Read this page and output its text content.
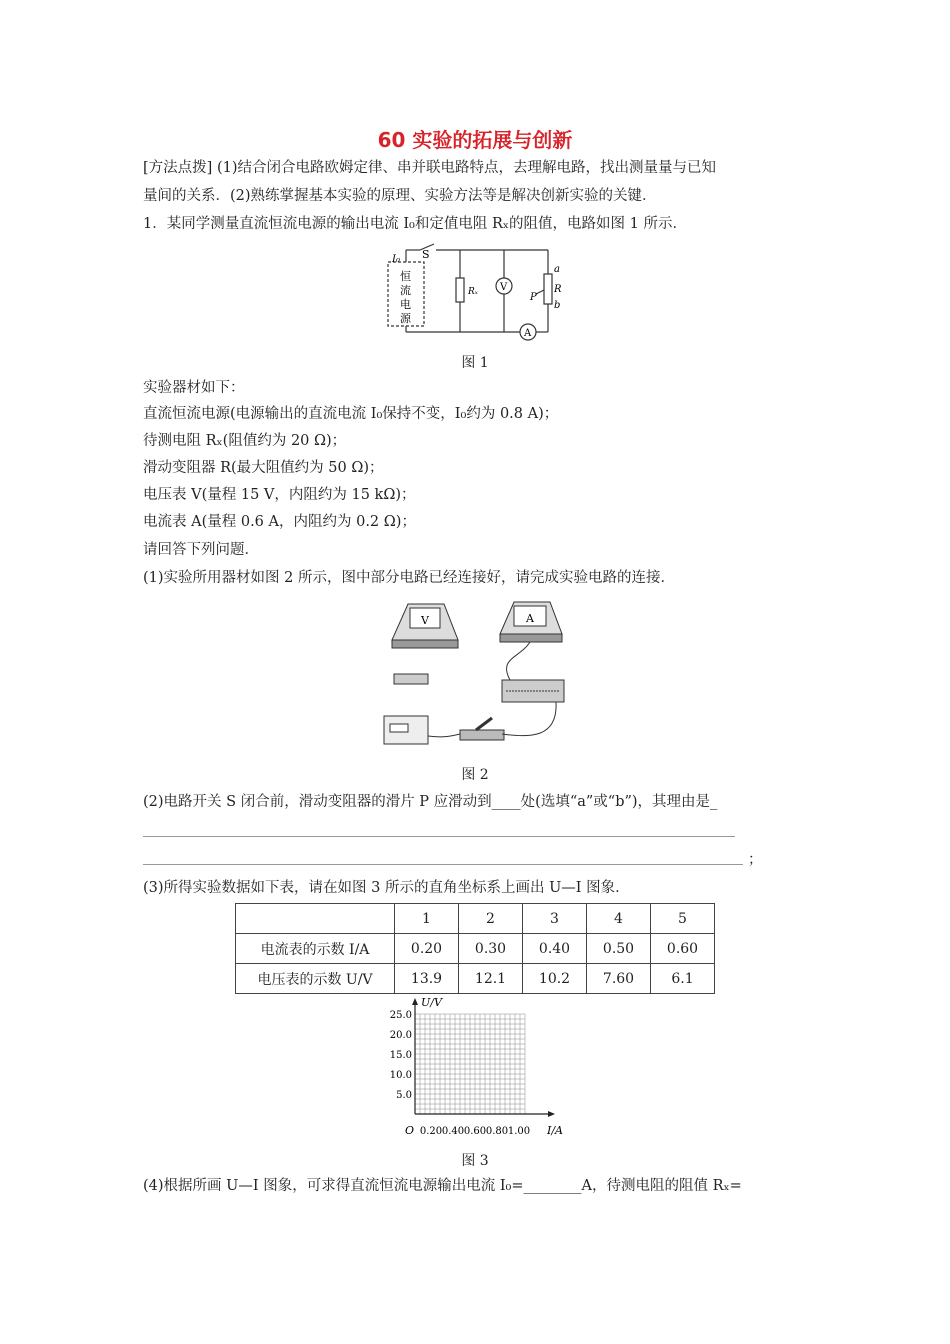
60 实验的拓展与创新
[方法点拨] (1)结合闭合电路欧姆定律、串并联电路特点，去理解电路，找出测量量与已知
量间的关系．(2)熟练掌握基本实验的原理、实验方法等是解决创新实验的关键．
1．某同学测量直流恒流电源的输出电流 I₀和定值电阻 Rₓ的阻值，电路如图 1 所示．
I₀ S
恒
流
电
源
Rₓ V
A
a
R
b
P
图 1
实验器材如下：
直流恒流电源(电源输出的直流电流 I₀保持不变，I₀约为 0.8 A)；
待测电阻 Rₓ(阻值约为 20 Ω)；
滑动变阻器 R(最大阻值约为 50 Ω)；
电压表 V(量程 15 V，内阻约为 15 kΩ)；
电流表 A(量程 0.6 A，内阻约为 0.2 Ω)；
请回答下列问题．
(1)实验所用器材如图 2 所示，图中部分电路已经连接好，请完成实验电路的连接．
V	A
图 2
(2)电路开关 S 闭合前，滑动变阻器的滑片 P 应滑动到____处(选填“a”或“b”)，其理由是_
；
(3)所得实验数据如下表，请在如图 3 所示的直角坐标系上画出 U—I 图象．
	1	2	3	4	5
电流表的示数 I/A	0.20	0.30	0.40	0.50	0.60
电压表的示数 U/V	13.9	12.1	10.2	7.60	6.1
5.0
10.0
15.0
20.0
25.0
0.20 0.40 0.60 0.80 1.00
U/V
I/A
O
图 3
(4)根据所画 U—I 图象，可求得直流恒流电源输出电流 I₀=________A，待测电阻的阻值 Rₓ=
